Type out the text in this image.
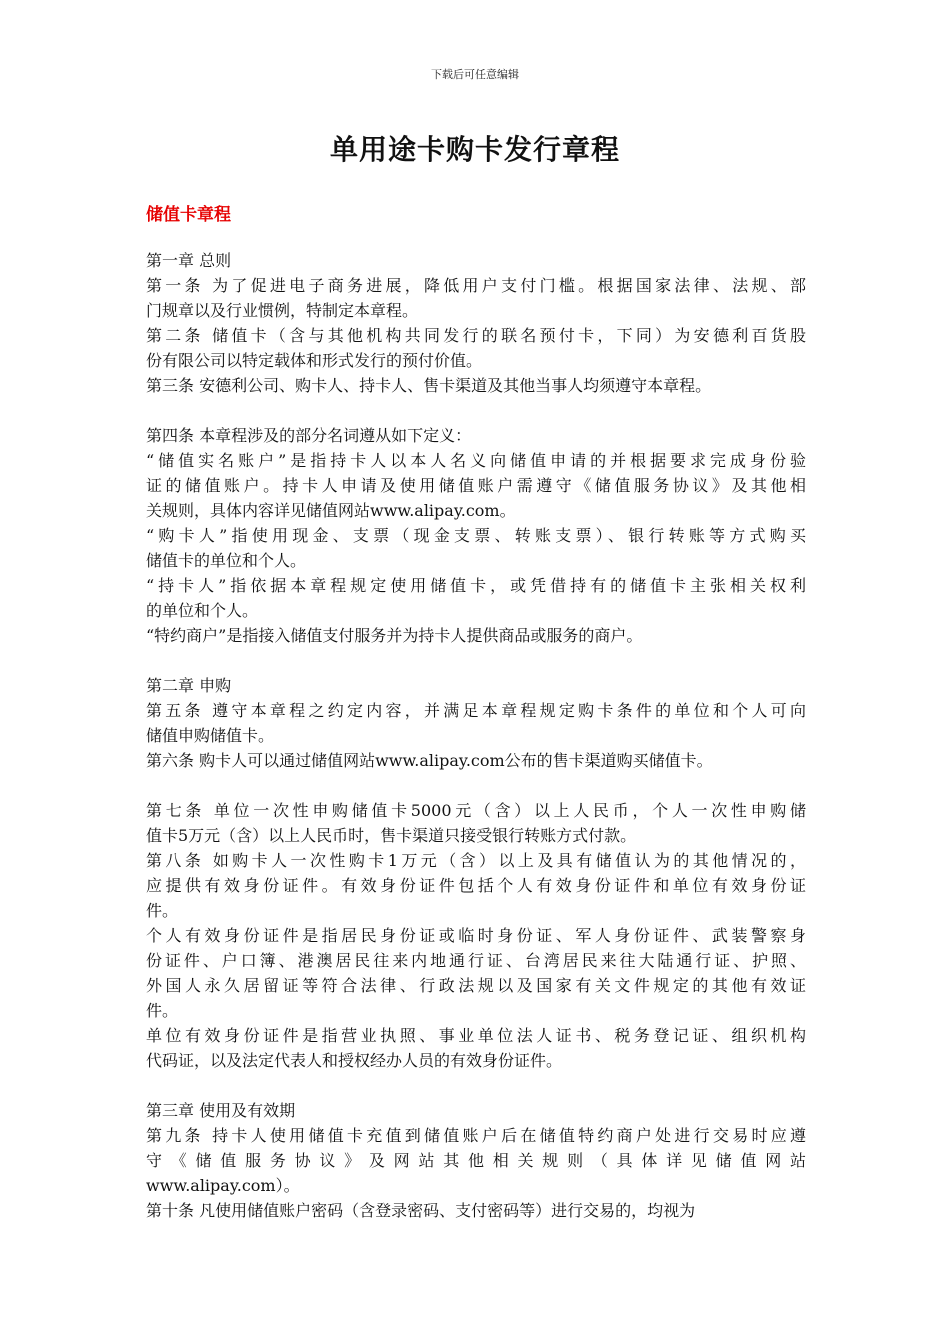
下载后可任意编辑
单用途卡购卡发行章程
储值卡章程
第一章 总则
第一条 为了促进电子商务进展，降低用户支付门槛。根据国家法律、法规、部
门规章以及行业惯例，特制定本章程。
第二条 储值卡（含与其他机构共同发行的联名预付卡，下同）为安德利百货股
份有限公司以特定载体和形式发行的预付价值。
第三条 安德利公司、购卡人、持卡人、售卡渠道及其他当事人均须遵守本章程。
第四条 本章程涉及的部分名词遵从如下定义：
“储值实名账户”是指持卡人以本人名义向储值申请的并根据要求完成身份验
证的储值账户。持卡人申请及使用储值账户需遵守《储值服务协议》及其他相
关规则，具体内容详见储值网站www.alipay.com。
“购卡人”指使用现金、支票（现金支票、转账支票）、银行转账等方式购买
储值卡的单位和个人。
“持卡人”指依据本章程规定使用储值卡，或凭借持有的储值卡主张相关权利
的单位和个人。
“特约商户”是指接入储值支付服务并为持卡人提供商品或服务的商户。
第二章 申购
第五条 遵守本章程之约定内容，并满足本章程规定购卡条件的单位和个人可向
储值申购储值卡。
第六条 购卡人可以通过储值网站www.alipay.com公布的售卡渠道购买储值卡。
第七条 单位一次性申购储值卡5000元（含）以上人民币，个人一次性申购储
值卡5万元（含）以上人民币时，售卡渠道只接受银行转账方式付款。
第八条 如购卡人一次性购卡1万元（含）以上及具有储值认为的其他情况的，
应提供有效身份证件。有效身份证件包括个人有效身份证件和单位有效身份证
件。
个人有效身份证件是指居民身份证或临时身份证、军人身份证件、武装警察身
份证件、户口簿、港澳居民往来内地通行证、台湾居民来往大陆通行证、护照、
外国人永久居留证等符合法律、行政法规以及国家有关文件规定的其他有效证
件。
单位有效身份证件是指营业执照、事业单位法人证书、税务登记证、组织机构
代码证，以及法定代表人和授权经办人员的有效身份证件。
第三章 使用及有效期
第九条 持卡人使用储值卡充值到储值账户后在储值特约商户处进行交易时应遵
守《储值服务协议》及网站其他相关规则（具体详见储值网站
www.alipay.com）。
第十条 凡使用储值账户密码（含登录密码、支付密码等）进行交易的，均视为
